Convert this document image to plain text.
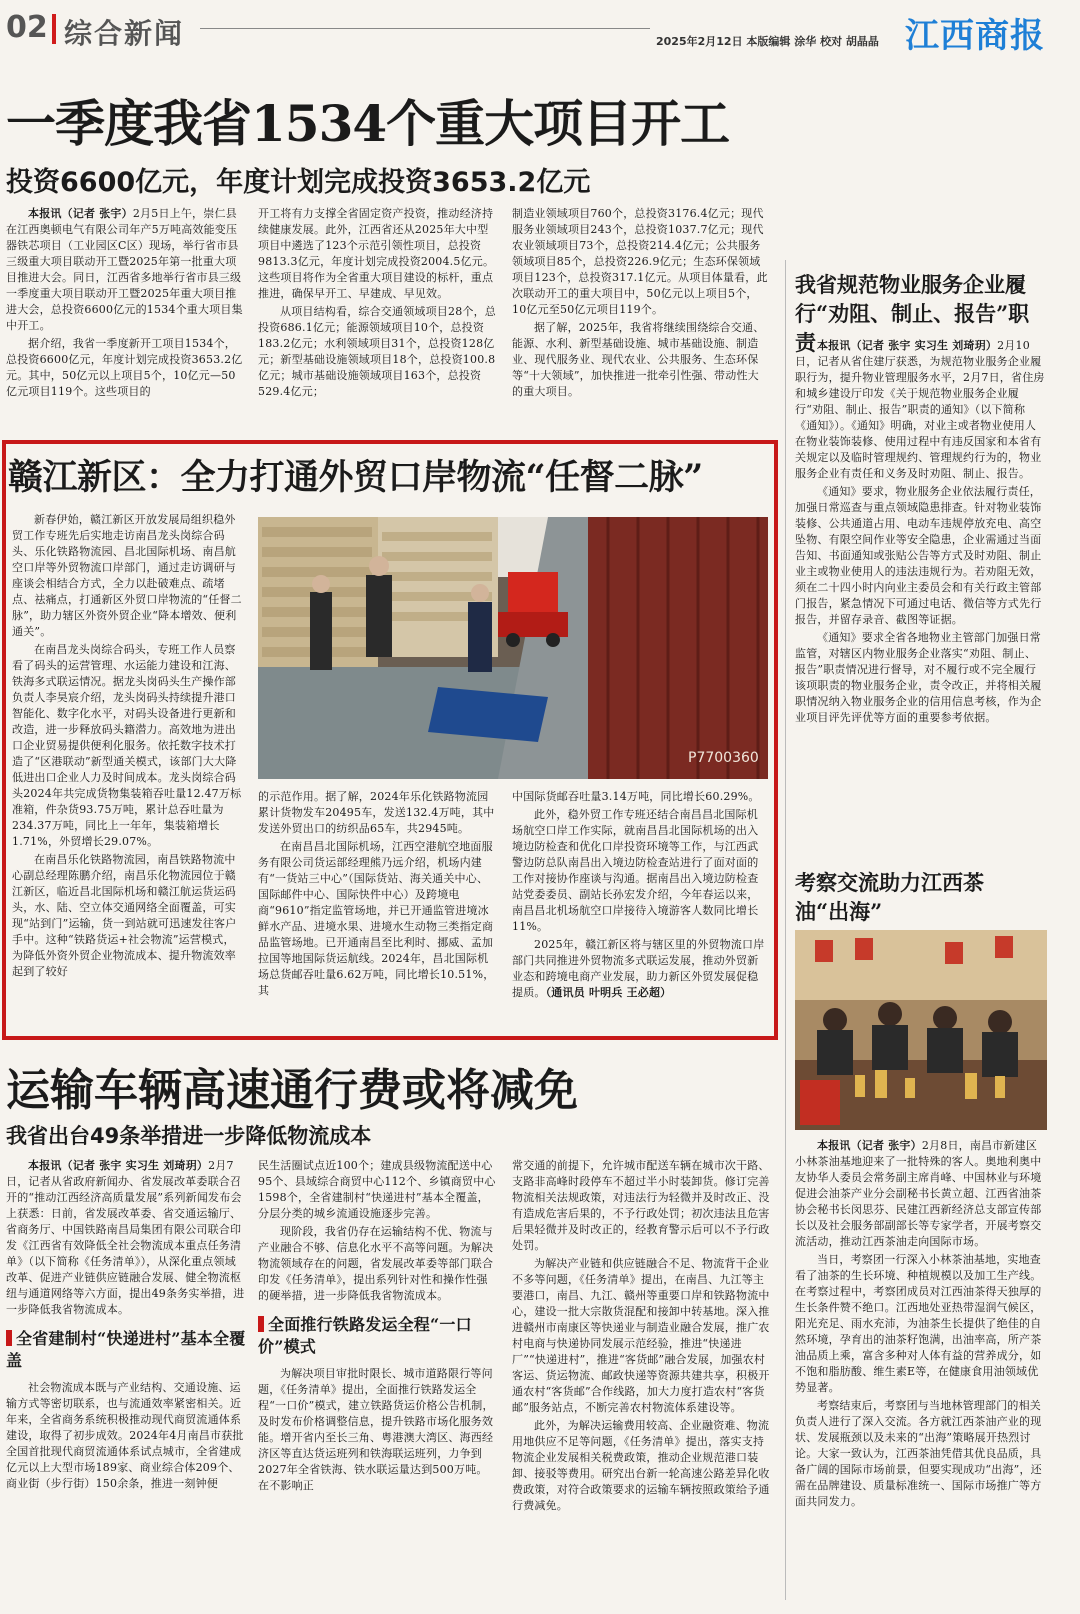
02 综合新闻	2025年2月12日 本版编辑 涂华 校对 胡晶晶 江西商报
一季度我省1534个重大项目开工
投资6600亿元，年度计划完成投资3653.2亿元

本报讯（记者 张宇）2月5日上午，崇仁县在江西奥顿电气有限公司年产5万吨高效能变压器铁芯项目（工业园区C区）现场，举行省市县三级重大项目联动开工暨2025年第一批重大项目推进大会。同日，江西省多地举行省市县三级一季度重大项目联动开工暨2025年重大项目推进大会，总投资6600亿元的1534个重大项目集中开工。

据介绍，我省一季度新开工项目1534个，总投资6600亿元，年度计划完成投资3653.2亿元。其中，50亿元以上项目5个，10亿元—50亿元项目119个。这些项目的

开工将有力支撑全省固定资产投资，推动经济持续健康发展。此外，江西省还从2025年大中型项目中遴选了123个示范引领性项目，总投资9813.3亿元，年度计划完成投资2004.5亿元。这些项目将作为全省重大项目建设的标杆，重点推进，确保早开工、早建成、早见效。

从项目结构看，综合交通领域项目28个，总投资686.1亿元；能源领域项目10个，总投资183.2亿元；水利领域项目31个，总投资128亿元；新型基础设施领域项目18个，总投资100.8亿元；城市基础设施领域项目163个，总投资529.4亿元；

制造业领域项目760个，总投资3176.4亿元；现代服务业领域项目243个，总投资1037.7亿元；现代农业领域项目73个，总投资214.4亿元；公共服务领域项目85个，总投资226.9亿元；生态环保领域项目123个，总投资317.1亿元。从项目体量看，此次联动开工的重大项目中，50亿元以上项目5个，10亿元至50亿元项目119个。

据了解，2025年，我省将继续围绕综合交通、能源、水利、新型基础设施、城市基础设施、制造业、现代服务业、现代农业、公共服务、生态环保等“十大领域”，加快推进一批牵引性强、带动性大的重大项目。

我省规范物业服务企业履行“劝阻、制止、报告”职责 本报讯（记者 张宇 实习生 刘琦玥）2月10日，记者从省住建厅获悉，为规范物业服务企业履职行为，提升物业管理服务水平，2月7日，省住房和城乡建设厅印发《关于规范物业服务企业履行“劝阻、制止、报告”职责的通知》（以下简称《通知》）。《通知》明确，对业主或者物业使用人在物业装饰装修、使用过程中有违反国家和本省有关规定以及临时管理规约、管理规约行为的，物业服务企业有责任和义务及时劝阻、制止、报告。

《通知》要求，物业服务企业依法履行责任，加强日常巡查与重点领域隐患排查。针对物业装饰装修、公共通道占用、电动车违规停放充电、高空坠物、有限空间作业等安全隐患，企业需通过当面告知、书面通知或张贴公告等方式及时劝阻、制止业主或物业使用人的违法违规行为。若劝阻无效，须在二十四小时内向业主委员会和有关行政主管部门报告，紧急情况下可通过电话、微信等方式先行报告，并留存录音、截图等证据。

《通知》要求全省各地物业主管部门加强日常监管，对辖区内物业服务企业落实“劝阻、制止、报告”职责情况进行督导，对不履行或不完全履行该项职责的物业服务企业，责令改正，并将相关履职情况纳入物业服务企业的信用信息考核，作为企业项目评先评优等方面的重要参考依据。

赣江新区：全力打通外贸口岸物流“任督二脉”

新春伊始，赣江新区开放发展局组织稳外贸工作专班先后实地走访南昌龙头岗综合码头、乐化铁路物流园、昌北国际机场、南昌航空口岸等外贸物流口岸部门，通过走访调研与座谈会相结合方式，全力以赴破难点、疏堵点、祛痛点，打通新区外贸口岸物流的“任督二脉”，助力辖区外资外贸企业“降本增效、便利通关”。

在南昌龙头岗综合码头，专班工作人员察看了码头的运营管理、水运能力建设和江海、铁海多式联运情况。据龙头岗码头生产操作部负责人李昊宸介绍，龙头岗码头持续提升港口智能化、数字化水平，对码头设备进行更新和改造，进一步释放码头籍潜力。高效地为进出口企业贸易提供便利化服务。依托数字技术打造了“区港联动”新型通关模式，该部门大大降低进出口企业人力及时间成本。龙头岗综合码头2024年共完成货物集装箱吞吐量12.47万标准箱，件杂货93.75万吨，累计总吞吐量为234.37万吨，同比上一年年，集装箱增长1.71%，外贸增长29.07%。

在南昌乐化铁路物流园，南昌铁路物流中心副总经理陈鹏介绍，南昌乐化物流园位于赣江新区，临近昌北国际机场和赣江航运货运码头，水、陆、空立体交通网络全面覆盖，可实现“站到门”运输，货一到站就可迅速发往客户手中。这种“铁路货运+社会物流”运营模式，为降低外资外贸企业物流成本、提升物流效率起到了较好

P7700360

的示范作用。据了解，2024年乐化铁路物流园累计货物发车20495车，发送132.4万吨，其中发送外贸出口的纺织品65车，共2945吨。

在南昌昌北国际机场，江西空港航空地面服务有限公司货运部经理熊乃远介绍，机场内建有“一货站三中心”（国际货站、海关通关中心、国际邮件中心、国际快件中心）及跨境电商“9610”指定监管场地，并已开通监管进境冰鲜水产品、进境水果、进境水生动物三类指定商品监管场地。已开通南昌至比利时、挪威、孟加拉国等地国际货运航线。2024年，昌北国际机场总货邮吞吐量6.62万吨，同比增长10.51%，其

中国际货邮吞吐量3.14万吨，同比增长60.29%。

此外，稳外贸工作专班还结合南昌昌北国际机场航空口岸工作实际，就南昌昌北国际机场的出入境边防检查和优化口岸投资环境等工作，与江西武警边防总队南昌出入境边防检查站进行了面对面的工作对接协作座谈与沟通。据南昌出入境边防检查站党委委员、副站长孙宏发介绍，今年春运以来，南昌昌北机场航空口岸接待入境游客人数同比增长11%。

2025年，赣江新区将与辖区里的外贸物流口岸部门共同推进外贸物流多式联运发展，推动外贸新业态和跨境电商产业发展，助力新区外贸发展促稳提质。（通讯员 叶明兵 王必超）

考察交流助力江西茶油“出海”

本报讯（记者 张宇）2月8日，南昌市新建区小林茶油基地迎来了一批特殊的客人。奥地利奥中友协华人委员会常务副主席肖峰、中国林业与环境促进会油茶产业分会副秘书长黄立超、江西省油茶协会秘书长闵思芬、民建江西新经济总支部宣传部长以及社会服务部副部长等专家学者，开展考察交流活动，推动江西茶油走向国际市场。

当日，考察团一行深入小林茶油基地，实地查看了油茶的生长环境、种植规模以及加工生产线。在考察过程中，考察团成员对江西油茶得天独厚的生长条件赞不绝口。江西地处亚热带湿润气候区，阳光充足、雨水充沛，为油茶生长提供了绝佳的自然环境，孕育出的油茶籽饱满，出油率高，所产茶油品质上乘，富含多种对人体有益的营养成分，如不饱和脂肪酸、维生素E等，在健康食用油领域优势显著。

考察结束后，考察团与当地林管理部门的相关负责人进行了深入交流。各方就江西茶油产业的现状、发展瓶颈以及未来的“出海”策略展开热烈讨论。大家一致认为，江西茶油凭借其优良品质，具备广阔的国际市场前景，但要实现成功“出海”，还需在品牌建设、质量标准统一、国际市场推广等方面共同发力。

运输车辆高速通行费或将减免
我省出台49条举措进一步降低物流成本

本报讯（记者 张宇 实习生 刘琦玥）2月7日，记者从省政府新闻办、省发展改革委联合召开的“推动江西经济高质量发展”系列新闻发布会上获悉：日前，省发展改革委、省交通运输厅、省商务厅、中国铁路南昌局集团有限公司联合印发《江西省有效降低全社会物流成本重点任务清单》（以下简称《任务清单》），从深化重点领域改革、促进产业链供应链融合发展、健全物流枢纽与通道网络等六方面，提出49条务实举措，进一步降低我省物流成本。

全省建制村“快递进村”基本全覆盖

社会物流成本既与产业结构、交通设施、运输方式等密切联系，也与流通效率紧密相关。近年来，全省商务系统积极推动现代商贸流通体系建设，取得了初步成效。2024年4月南昌市获批全国首批现代商贸流通体系试点城市，全省建成亿元以上大型市场189家、商业综合体209个、商业街（步行街）150余条，推进一刻钟便

民生活圈试点近100个；建成县级物流配送中心95个、县域综合商贸中心112个、乡镇商贸中心1598个，全省建制村“快递进村”基本全覆盖，分层分类的城乡流通设施逐步完善。

现阶段，我省仍存在运输结构不优、物流与产业融合不够、信息化水平不高等问题。为解决物流领域存在的问题，省发展改革委等部门联合印发《任务清单》，提出系列针对性和操作性强的硬举措，进一步降低我省物流成本。

全面推行铁路发运全程“一口价”模式

为解决项目审批时限长、城市道路限行等问题，《任务清单》提出，全面推行铁路发运全程“一口价”模式，建立铁路货运价格公告机制，及时发布价格调整信息，提升铁路市场化服务效能。增开省内至长三角、粤港澳大湾区、海西经济区等直达货运班列和铁海联运班列，力争到2027年全省铁海、铁水联运量达到500万吨。在不影响正

常交通的前提下，允许城市配送车辆在城市次干路、支路非高峰时段停车不超过半小时装卸货。修订完善物流相关法规政策，对违法行为轻微并及时改正、没有造成危害后果的，不予行政处罚；初次违法且危害后果轻微并及时改正的，经教育警示后可以不予行政处罚。

为解决产业链和供应链融合不足、物流背干企业不多等问题，《任务清单》提出，在南昌、九江等主要港口，南昌、九江、赣州等重要口岸和铁路物流中心，建设一批大宗散货混配和接卸中转基地。深入推进赣州市南康区等快递业与制造业融合发展，推广农村电商与快递协同发展示范经验，推进“快递进厂”“快递进村”，推进“客货邮”融合发展，加强农村客运、货运物流、邮政快递等资源共建共享，积极开通农村“客货邮”合作线路，加大力度打造农村“客货邮”服务站点，不断完善农村物流体系建设等。

此外，为解决运输费用较高、企业融资难、物流用地供应不足等问题，《任务清单》提出，落实支持物流企业发展相关税费政策，推动企业规范港口装卸、接驳等费用。研究出台新一轮高速公路差异化收费政策，对符合政策要求的运输车辆按照政策给予通行费减免。
